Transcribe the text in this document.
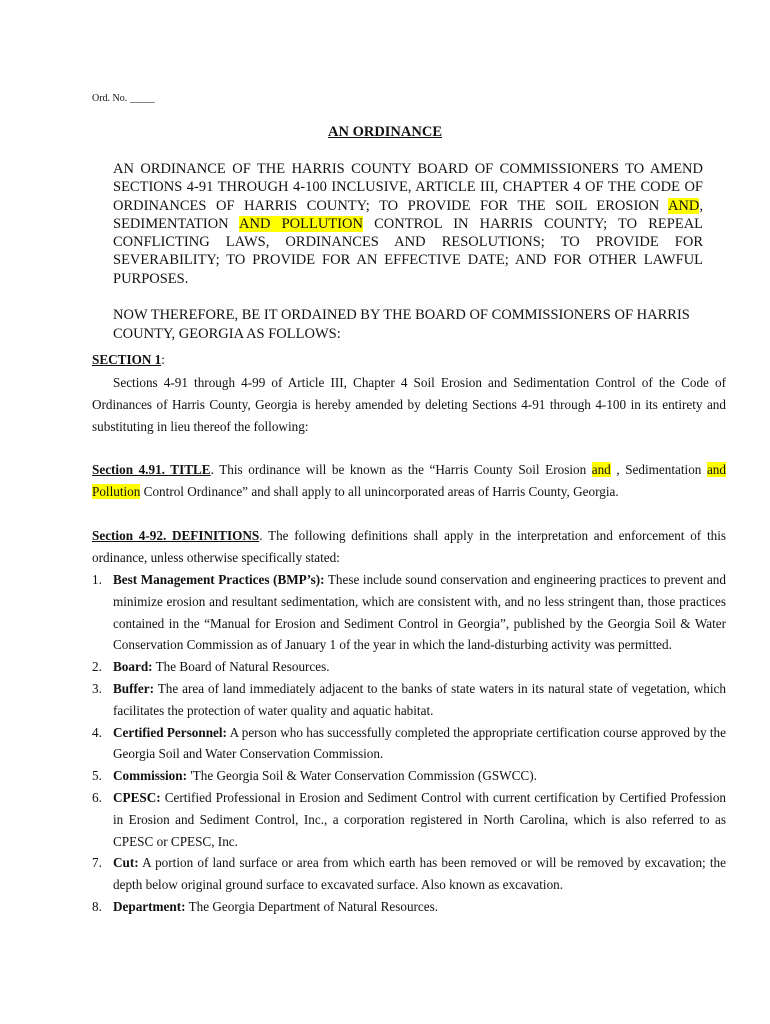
Ord. No. _____
AN ORDINANCE
AN ORDINANCE OF THE HARRIS COUNTY BOARD OF COMMISSIONERS TO AMEND SECTIONS 4-91 THROUGH 4-100 INCLUSIVE, ARTICLE III, CHAPTER 4 OF THE CODE OF ORDINANCES OF HARRIS COUNTY; TO PROVIDE FOR THE SOIL EROSION AND, SEDIMENTATION AND POLLUTION CONTROL IN HARRIS COUNTY; TO REPEAL CONFLICTING LAWS, ORDINANCES AND RESOLUTIONS; TO PROVIDE FOR SEVERABILITY; TO PROVIDE FOR AN EFFECTIVE DATE; AND FOR OTHER LAWFUL PURPOSES.
NOW THEREFORE, BE IT ORDAINED BY THE BOARD OF COMMISSIONERS OF HARRIS COUNTY, GEORGIA AS FOLLOWS:
SECTION 1:
Sections 4-91 through 4-99 of Article III, Chapter 4 Soil Erosion and Sedimentation Control of the Code of Ordinances of Harris County, Georgia is hereby amended by deleting Sections 4-91 through 4-100 in its entirety and substituting in lieu thereof the following:
Section 4.91. TITLE. This ordinance will be known as the “Harris County Soil Erosion and , Sedimentation and Pollution Control Ordinance” and shall apply to all unincorporated areas of Harris County, Georgia.
Section 4-92. DEFINITIONS. The following definitions shall apply in the interpretation and enforcement of this ordinance, unless otherwise specifically stated:
1. Best Management Practices (BMP’s): These include sound conservation and engineering practices to prevent and minimize erosion and resultant sedimentation, which are consistent with, and no less stringent than, those practices contained in the “Manual for Erosion and Sediment Control in Georgia”, published by the Georgia Soil & Water Conservation Commission as of January 1 of the year in which the land-disturbing activity was permitted.
2. Board: The Board of Natural Resources.
3. Buffer: The area of land immediately adjacent to the banks of state waters in its natural state of vegetation, which facilitates the protection of water quality and aquatic habitat.
4. Certified Personnel: A person who has successfully completed the appropriate certification course approved by the Georgia Soil and Water Conservation Commission.
5. Commission: 'The Georgia Soil & Water Conservation Commission (GSWCC).
6. CPESC: Certified Professional in Erosion and Sediment Control with current certification by Certified Profession in Erosion and Sediment Control, Inc., a corporation registered in North Carolina, which is also referred to as CPESC or CPESC, Inc.
7. Cut: A portion of land surface or area from which earth has been removed or will be removed by excavation; the depth below original ground surface to excavated surface. Also known as excavation.
8. Department: The Georgia Department of Natural Resources.
